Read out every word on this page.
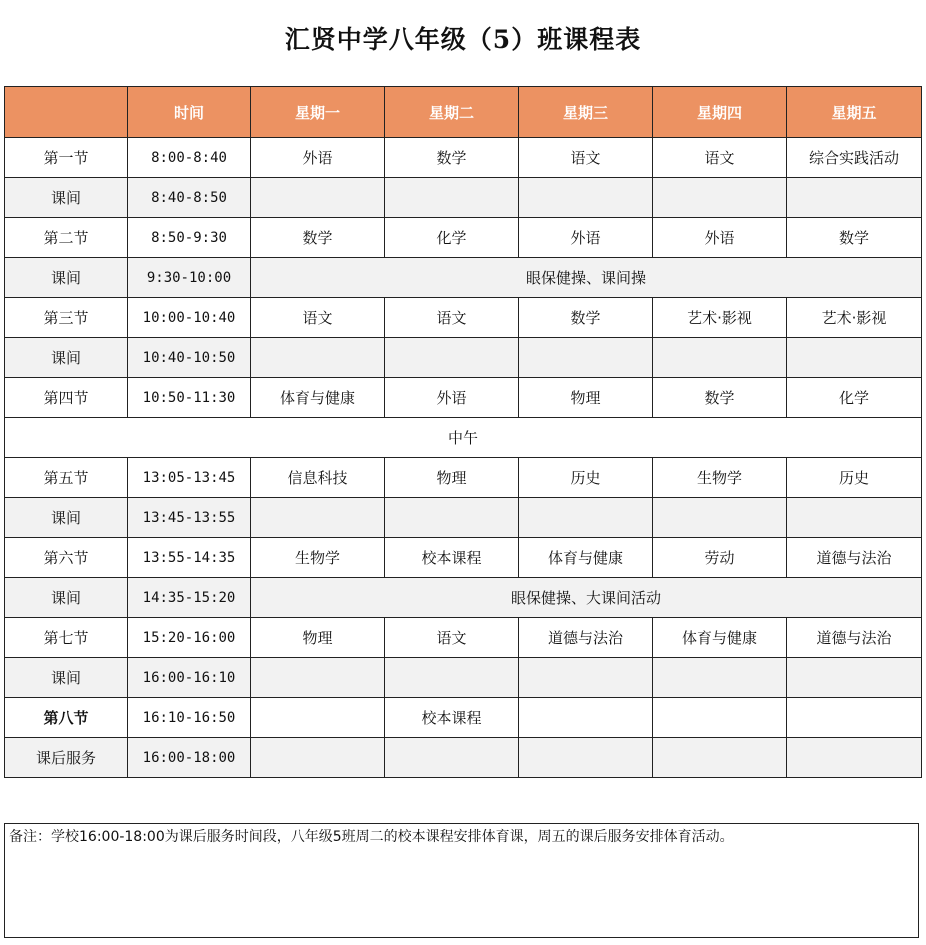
汇贤中学八年级（5）班课程表
	时间	星期一	星期二	星期三	星期四	星期五
第一节	8:00-8:40	外语	数学	语文	语文	综合实践活动
课间	8:40-8:50					
第二节	8:50-9:30	数学	化学	外语	外语	数学
课间	9:30-10:00	眼保健操、课间操				
第三节	10:00-10:40	语文	语文	数学	艺术·影视	艺术·影视
课间	10:40-10:50					
第四节	10:50-11:30	体育与健康	外语	物理	数学	化学
中午						
第五节	13:05-13:45	信息科技	物理	历史	生物学	历史
课间	13:45-13:55					
第六节	13:55-14:35	生物学	校本课程	体育与健康	劳动	道德与法治
课间	14:35-15:20	眼保健操、大课间活动				
第七节	15:20-16:00	物理	语文	道德与法治	体育与健康	道德与法治
课间	16:00-16:10					
第八节	16:10-16:50		校本课程			
课后服务	16:00-18:00					
备注：学校16:00-18:00为课后服务时间段，八年级5班周二的校本课程安排体育课，周五的课后服务安排体育活动。
